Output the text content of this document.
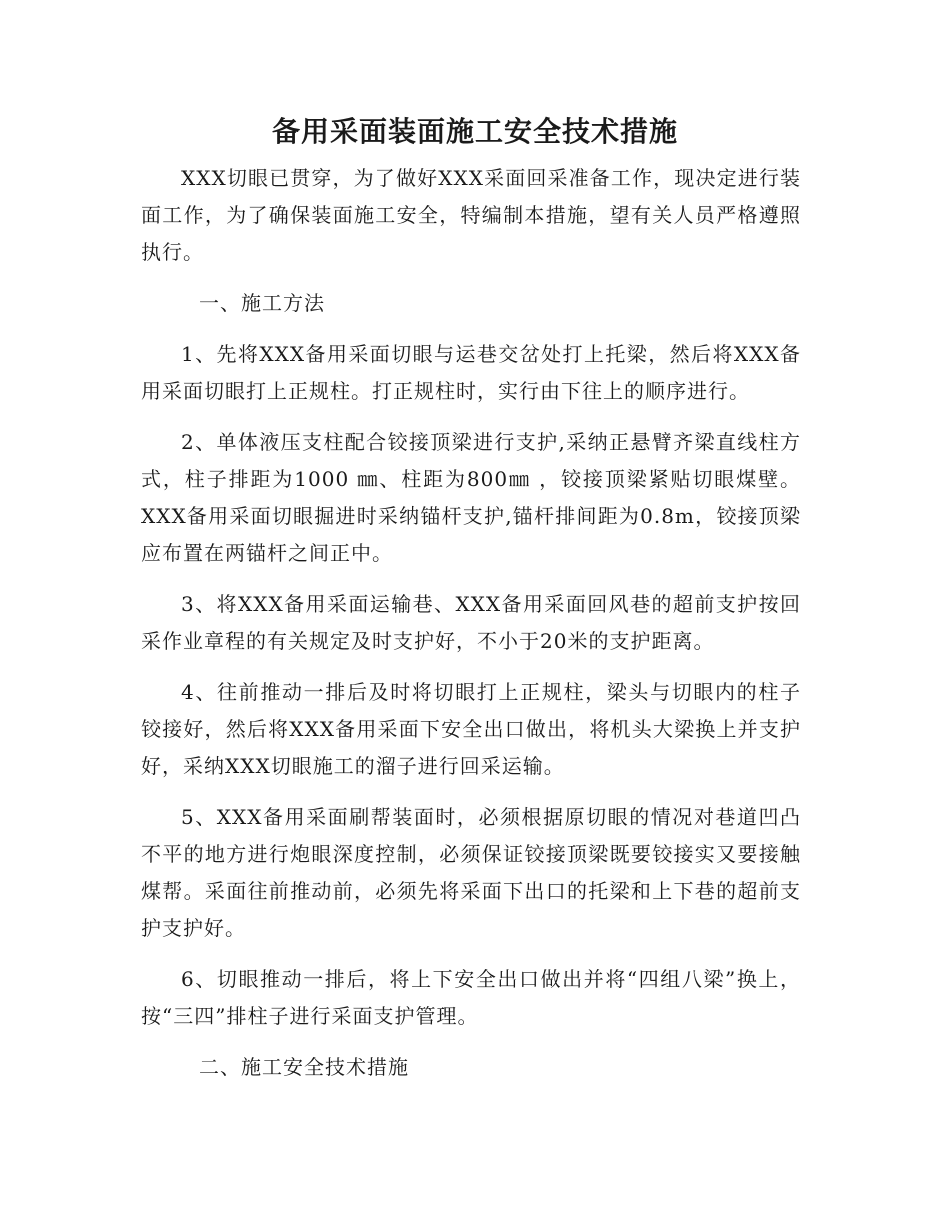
备用采面装面施工安全技术措施

XXX切眼已贯穿，为了做好XXX采面回采准备工作，现决定进行装面工作，为了确保装面施工安全，特编制本措施，望有关人员严格遵照执行。

一、施工方法

1、先将XXX备用采面切眼与运巷交岔处打上托梁，然后将XXX备用采面切眼打上正规柱。打正规柱时，实行由下往上的顺序进行。

2、单体液压支柱配合铰接顶梁进行支护,采纳正悬臂齐梁直线柱方式，柱子排距为1000 ㎜、柱距为800㎜ ，铰接顶梁紧贴切眼煤壁。XXX备用采面切眼掘进时采纳锚杆支护,锚杆排间距为0.8m，铰接顶梁应布置在两锚杆之间正中。

3、将XXX备用采面运输巷、XXX备用采面回风巷的超前支护按回采作业章程的有关规定及时支护好，不小于20米的支护距离。

4、往前推动一排后及时将切眼打上正规柱，梁头与切眼内的柱子铰接好，然后将XXX备用采面下安全出口做出，将机头大梁换上并支护好，采纳XXX切眼施工的溜子进行回采运输。

5、XXX备用采面刷帮装面时，必须根据原切眼的情况对巷道凹凸不平的地方进行炮眼深度控制，必须保证铰接顶梁既要铰接实又要接触煤帮。采面往前推动前，必须先将采面下出口的托梁和上下巷的超前支护支护好。

6、切眼推动一排后，将上下安全出口做出并将“四组八梁”换上，按“三四”排柱子进行采面支护管理。

二、施工安全技术措施
